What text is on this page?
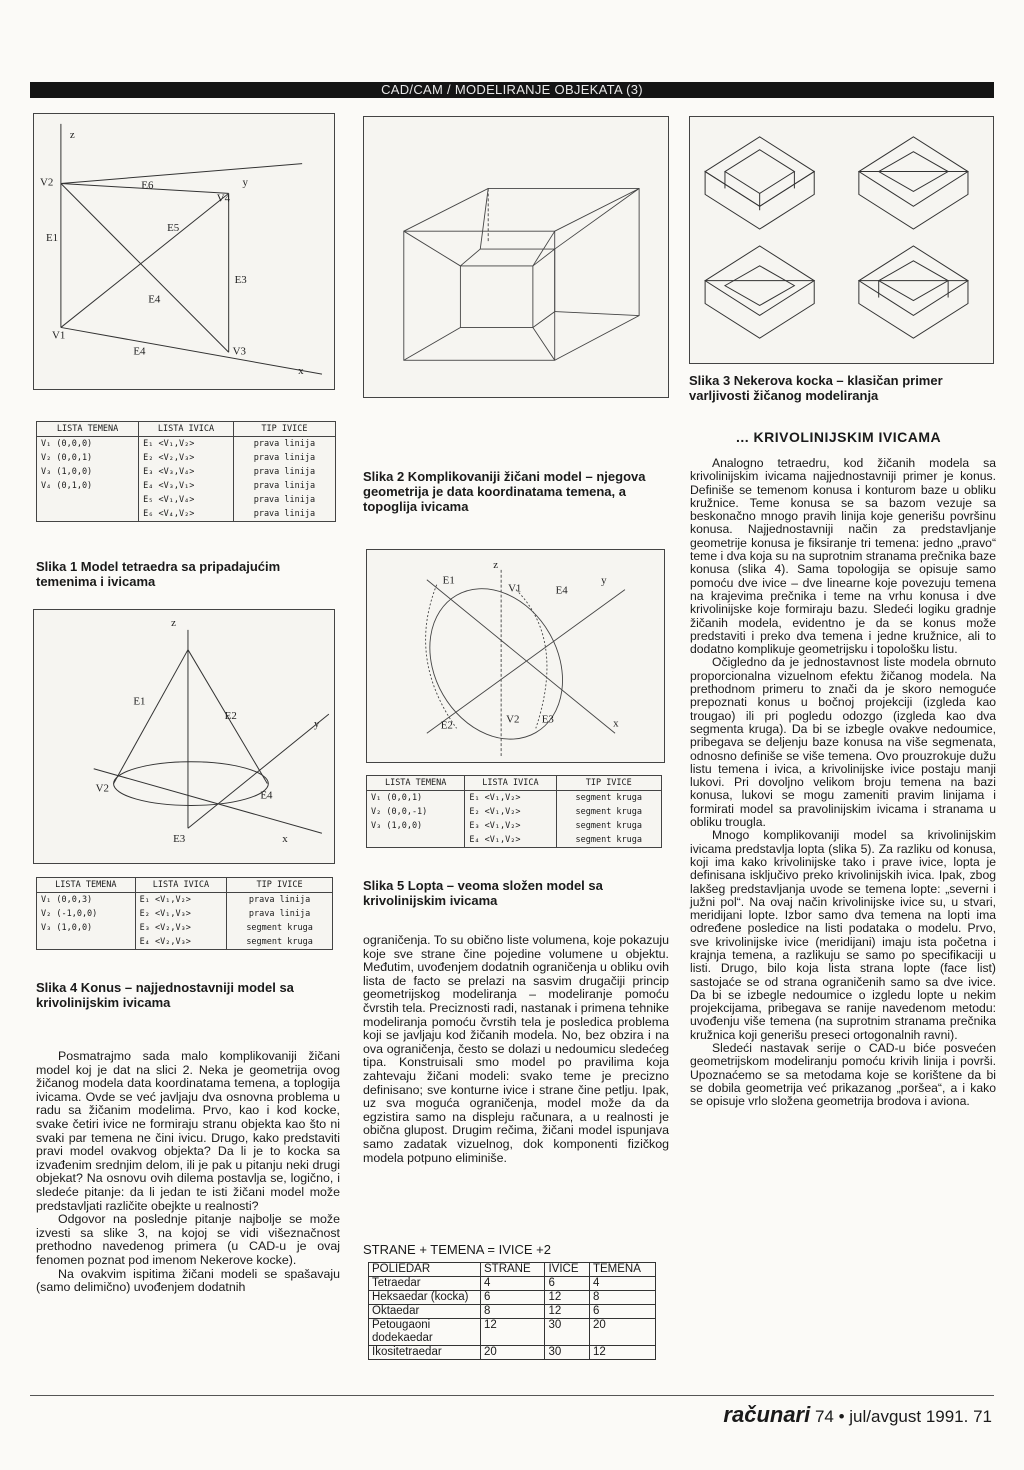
CAD/CAM / MODELIRANJE OBJEKATA (3)
z
V2	E6	y
V4
E1
E5
E3
E4
V1
E4	V3
x
LISTA TEMENA	LISTA IVICA	TIP IVICE
V₁ (0,0,0)	E₁ <V₁,V₂>	prava linija
V₂ (0,0,1)	E₂ <V₂,V₃>	prava linija
V₃ (1,0,0)	E₃ <V₃,V₄>	prava linija
V₄ (0,1,0)	E₄ <V₃,V₁>	prava linija
	E₅ <V₁,V₄>	prava linija
	E₆ <V₄,V₂>	prava linija
Slika 1 Model tetraedra sa pripadajućim temenima i ivicama
Slika 2 Komplikovaniji žičani model – njegova geometrija je data koordinatama temena, a topoglija ivicama
Slika 3 Nekerova kocka – klasičan primer varljivosti žičanog modeliranja
z
E1
E2
y
V2
E4
E3	x
LISTA TEMENA	LISTA IVICA	TIP IVICE
V₁ (0,0,3)	E₁ <V₁,V₂>	prava linija
V₂ (-1,0,0)	E₂ <V₁,V₃>	prava linija
V₃ (1,0,0)	E₃ <V₂,V₃>	segment kruga
	E₄ <V₂,V₃>	segment kruga
Slika 4 Konus – najjednostavniji model sa krivolinijskim ivicama
z
E1
V1	E4
y
E2	V2 E3	x
LISTA TEMENA	LISTA IVICA	TIP IVICE
V₁ (0,0,1)	E₁ <V₁,V₂>	segment kruga
V₂ (0,0,-1)	E₂ <V₁,V₂>	segment kruga
V₃ (1,0,0)	E₃ <V₁,V₂>	segment kruga
	E₄ <V₁,V₂>	segment kruga
Slika 5 Lopta – veoma složen model sa krivolinijskim ivicama

Posmatrajmo sada malo komplikovaniji žičani model koj je dat na slici 2. Neka je geometrija ovog žičanog modela data koordinatama temena, a toplogija ivicama. Ovde se već javljaju dva osnovna problema u radu sa žičanim modelima. Prvo, kao i kod kocke, svake četiri ivice ne formiraju stranu objekta kao što ni svaki par temena ne čini ivicu. Drugo, kako predstaviti pravi model ovakvog objekta? Da li je to kocka sa izvađenim srednjim delom, ili je pak u pitanju neki drugi objekat? Na osnovu ovih dilema postavlja se, logično, i sledeće pitanje: da li jedan te isti žičani model može predstavljati različite obejkte u realnosti?

Odgovor na poslednje pitanje najbolje se može izvesti sa slike 3, na kojoj se vidi višeznačnost prethodno navedenog primera (u CAD-u je ovaj fenomen poznat pod imenom Nekerove kocke).

Na ovakvim ispitima žičani modeli se spašavaju (samo delimično) uvođenjem dodatnih

ograničenja. To su obično liste volumena, koje pokazuju koje sve strane čine pojedine volumene u objektu. Međutim, uvođenjem dodatnih ograničenja u obliku ovih lista de facto se prelazi na sasvim drugačiji princip geometrijskog modeliranja – modeliranje pomoću čvrstih tela. Preciznosti radi, nastanak i primena tehnike modeliranja pomoću čvrstih tela je posledica problema koji se javljaju kod žičanih modela. No, bez obzira i na ova ograničenja, često se dolazi u nedoumicu sledećeg tipa. Konstruisali smo model po pravilima koja zahtevaju žičani modeli: svako teme je precizno definisano; sve konturne ivice i strane čine petlju. Ipak, uz sva moguća ograničenja, model može da da egzistira samo na displeju računara, a u realnosti je obična glupost. Drugim rečima, žičani model ispunjava samo zadatak vizuelnog, dok komponenti fizičkog modela potpuno eliminiše.

STRANE + TEMENA = IVICE +2
POLIEDAR	STRANE	IVICE	TEMENA
Tetraedar	4	6	4
Heksaedar (kocka)	6	12	8
Oktaedar	8	12	6
Petougaoni dodekaedar	12	30	20
Ikositetraedar	20	30	12
... KRIVOLINIJSKIM IVICAMA

Analogno tetraedru, kod žičanih modela sa krivolinijskim ivicama najjednostavniji primer je konus. Definiše se temenom konusa i konturom baze u obliku kružnice. Teme konusa se sa bazom vezuje sa beskonačno mnogo pravih linija koje generišu površinu konusa. Najjednostavniji način za predstavljanje geometrije konusa je fiksiranje tri temena: jedno „pravo“ teme i dva koja su na suprotnim stranama prečnika baze konusa (slika 4). Sama topologija se opisuje samo pomoću dve ivice – dve linearne koje povezuju temena na krajevima prečnika i teme na vrhu konusa i dve krivolinijske koje formiraju bazu. Sledeći logiku gradnje žičanih modela, evidentno je da se konus može predstaviti i preko dva temena i jedne kružnice, ali to dodatno komplikuje geometrijsku i topološku listu.

Očigledno da je jednostavnost liste modela obrnuto proporcionalna vizuelnom efektu žičanog modela. Na prethodnom primeru to znači da je skoro nemoguće prepoznati konus u bočnoj projekciji (izgleda kao trougao) ili pri pogledu odozgo (izgleda kao dva segmenta kruga). Da bi se izbegle ovakve nedoumice, pribegava se deljenju baze konusa na više segmenata, odnosno definiše se više temena. Ovo prouzrokuje dužu listu temena i ivica, a krivolinijske ivice postaju manji lukovi. Pri dovoljno velikom broju temena na bazi konusa, lukovi se mogu zameniti pravim linijama i formirati model sa pravolinijskim ivicama i stranama u obliku trougla.

Mnogo komplikovaniji model sa krivolinijskim ivicama predstavlja lopta (slika 5). Za razliku od konusa, koji ima kako krivolinijske tako i prave ivice, lopta je definisana isključivo preko krivolinijskih ivica. Ipak, zbog lakšeg predstavljanja uvode se temena lopte: „severni i južni pol“. Na ovaj način krivolinijske ivice su, u stvari, meridijani lopte. Izbor samo dva temena na lopti ima određene posledice na listi podataka o modelu. Prvo, sve krivolinijske ivice (meridijani) imaju ista početna i krajnja temena, a razlikuju se samo po specifikaciji u listi. Drugo, bilo koja lista strana lopte (face list) sastojaće se od strana ograničenih samo sa dve ivice. Da bi se izbegle nedoumice o izgledu lopte u nekim projekcijama, pribegava se ranije navedenom metodu: uvođenju više temena (na suprotnim stranama prečnika kružnica koji generišu preseci ortogonalnih ravni).

Sledeći nastavak serije o CAD-u biće posvećen geometrijskom modeliranju pomoću krivih linija i površi. Upoznaćemo se sa metodama koje se korištene da bi se dobila geometrija već prikazanog „poršea“, a i kako se opisuje vrlo složena geometrija brodova i aviona.

računari 74 • jul/avgust 1991. 71
